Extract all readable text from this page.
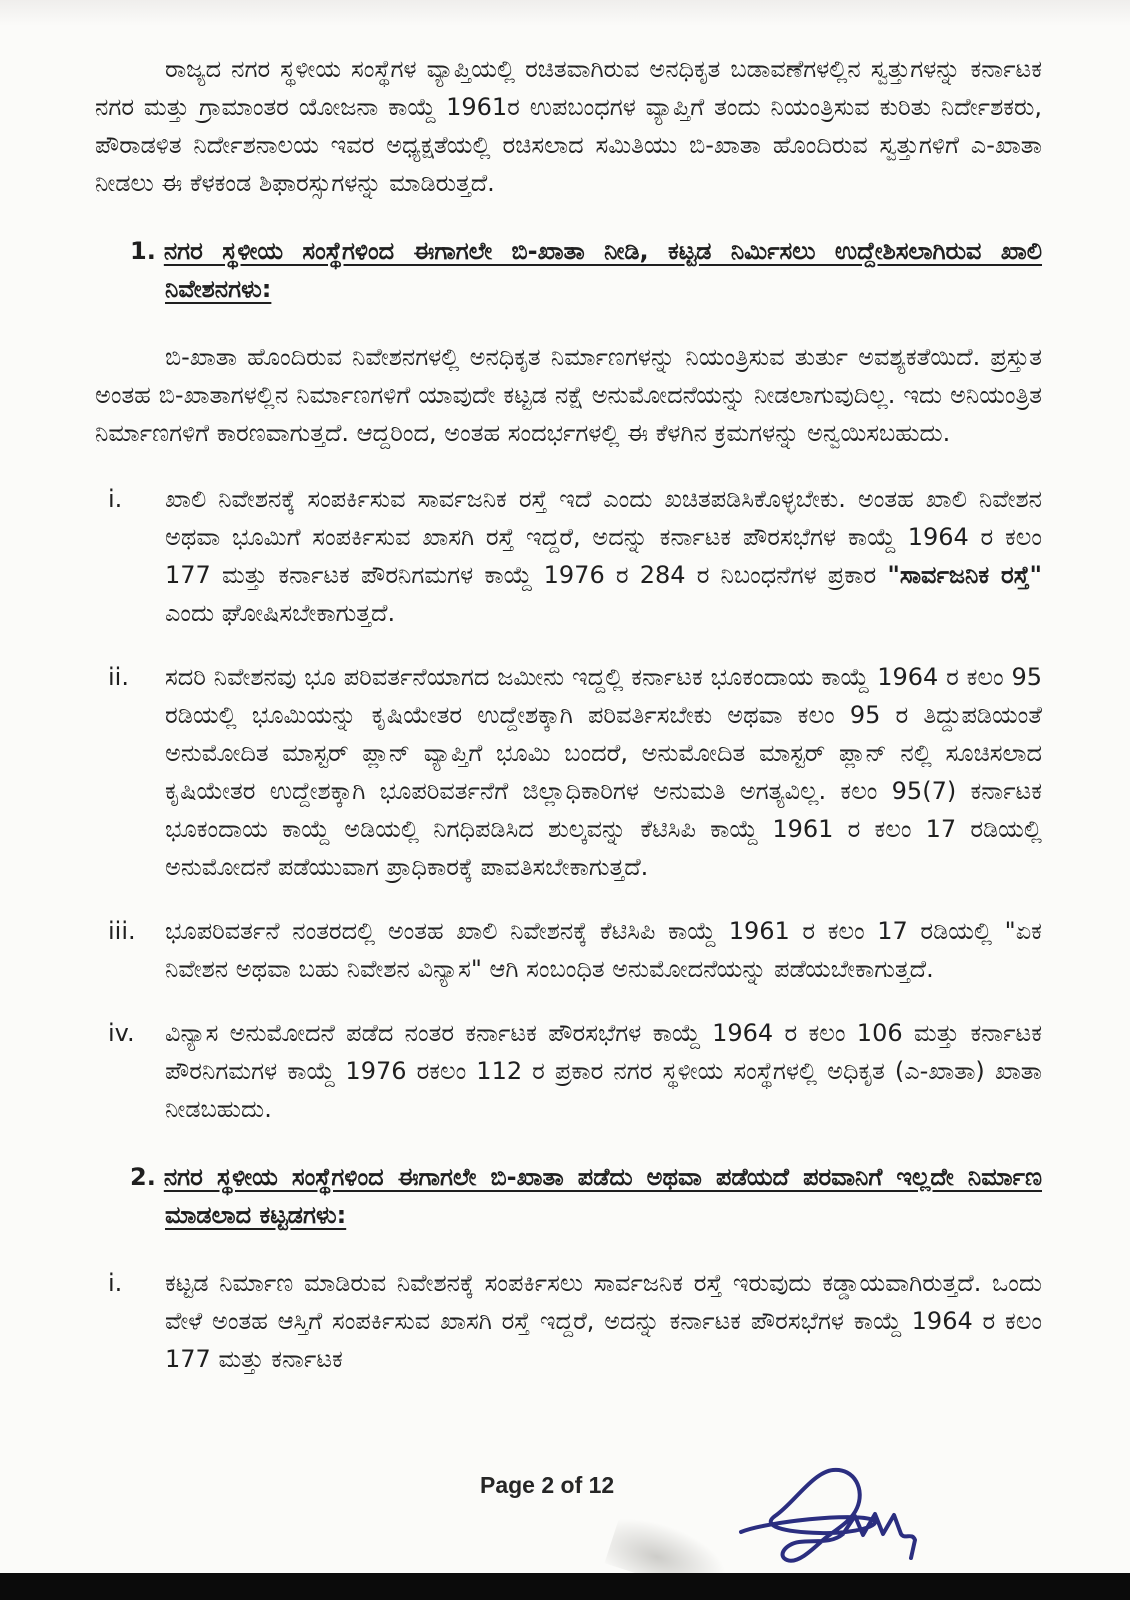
ರಾಜ್ಯದ ನಗರ ಸ್ಥಳೀಯ ಸಂಸ್ಥೆಗಳ ವ್ಯಾಪ್ತಿಯಲ್ಲಿ ರಚಿತವಾಗಿರುವ ಅನಧಿಕೃತ ಬಡಾವಣೆಗಳಲ್ಲಿನ ಸ್ವತ್ತುಗಳನ್ನು ಕರ್ನಾಟಕ ನಗರ ಮತ್ತು ಗ್ರಾಮಾಂತರ ಯೋಜನಾ ಕಾಯ್ದೆ 1961ರ ಉಪಬಂಧಗಳ ವ್ಯಾಪ್ತಿಗೆ ತಂದು ನಿಯಂತ್ರಿಸುವ ಕುರಿತು ನಿರ್ದೇಶಕರು, ಪೌರಾಡಳಿತ ನಿರ್ದೇಶನಾಲಯ ಇವರ ಅಧ್ಯಕ್ಷತೆಯಲ್ಲಿ ರಚಿಸಲಾದ ಸಮಿತಿಯು ಬಿ-ಖಾತಾ ಹೊಂದಿರುವ ಸ್ವತ್ತುಗಳಿಗೆ ಎ-ಖಾತಾ ನೀಡಲು ಈ ಕೆಳಕಂಡ ಶಿಫಾರಸ್ಸುಗಳನ್ನು ಮಾಡಿರುತ್ತದೆ.

1. ನಗರ ಸ್ಥಳೀಯ ಸಂಸ್ಥೆಗಳಿಂದ ಈಗಾಗಲೇ ಬಿ-ಖಾತಾ ನೀಡಿ, ಕಟ್ಟಡ ನಿರ್ಮಿಸಲು ಉದ್ದೇಶಿಸಲಾಗಿರುವ ಖಾಲಿ ನಿವೇಶನಗಳು:

ಬಿ-ಖಾತಾ ಹೊಂದಿರುವ ನಿವೇಶನಗಳಲ್ಲಿ ಅನಧಿಕೃತ ನಿರ್ಮಾಣಗಳನ್ನು ನಿಯಂತ್ರಿಸುವ ತುರ್ತು ಅವಶ್ಯಕತೆಯಿದೆ. ಪ್ರಸ್ತುತ ಅಂತಹ ಬಿ-ಖಾತಾಗಳಲ್ಲಿನ ನಿರ್ಮಾಣಗಳಿಗೆ ಯಾವುದೇ ಕಟ್ಟಡ ನಕ್ಷೆ ಅನುಮೋದನೆಯನ್ನು ನೀಡಲಾಗುವುದಿಲ್ಲ. ಇದು ಅನಿಯಂತ್ರಿತ ನಿರ್ಮಾಣಗಳಿಗೆ ಕಾರಣವಾಗುತ್ತದೆ. ಆದ್ದರಿಂದ, ಅಂತಹ ಸಂದರ್ಭಗಳಲ್ಲಿ ಈ ಕೆಳಗಿನ ಕ್ರಮಗಳನ್ನು ಅನ್ವಯಿಸಬಹುದು.

i.	ಖಾಲಿ ನಿವೇಶನಕ್ಕೆ ಸಂಪರ್ಕಿಸುವ ಸಾರ್ವಜನಿಕ ರಸ್ತೆ ಇದೆ ಎಂದು ಖಚಿತಪಡಿಸಿಕೊಳ್ಳಬೇಕು. ಅಂತಹ ಖಾಲಿ ನಿವೇಶನ ಅಥವಾ ಭೂಮಿಗೆ ಸಂಪರ್ಕಿಸುವ ಖಾಸಗಿ ರಸ್ತೆ ಇದ್ದರೆ, ಅದನ್ನು ಕರ್ನಾಟಕ ಪೌರಸಭೆಗಳ ಕಾಯ್ದೆ 1964 ರ ಕಲಂ 177 ಮತ್ತು ಕರ್ನಾಟಕ ಪೌರನಿಗಮಗಳ ಕಾಯ್ದೆ 1976 ರ 284 ರ ನಿಬಂಧನೆಗಳ ಪ್ರಕಾರ "ಸಾರ್ವಜನಿಕ ರಸ್ತೆ" ಎಂದು ಘೋಷಿಸಬೇಕಾಗುತ್ತದೆ.
ii.	ಸದರಿ ನಿವೇಶನವು ಭೂ ಪರಿವರ್ತನೆಯಾಗದ ಜಮೀನು ಇದ್ದಲ್ಲಿ ಕರ್ನಾಟಕ ಭೂಕಂದಾಯ ಕಾಯ್ದೆ 1964 ರ ಕಲಂ 95 ರಡಿಯಲ್ಲಿ ಭೂಮಿಯನ್ನು ಕೃಷಿಯೇತರ ಉದ್ದೇಶಕ್ಕಾಗಿ ಪರಿವರ್ತಿಸಬೇಕು ಅಥವಾ ಕಲಂ 95 ರ ತಿದ್ದುಪಡಿಯಂತೆ ಅನುಮೋದಿತ ಮಾಸ್ಟರ್ ಪ್ಲಾನ್ ವ್ಯಾಪ್ತಿಗೆ ಭೂಮಿ ಬಂದರೆ, ಅನುಮೋದಿತ ಮಾಸ್ಟರ್ ಪ್ಲಾನ್ ನಲ್ಲಿ ಸೂಚಿಸಲಾದ ಕೃಷಿಯೇತರ ಉದ್ದೇಶಕ್ಕಾಗಿ ಭೂಪರಿವರ್ತನೆಗೆ ಜಿಲ್ಲಾಧಿಕಾರಿಗಳ ಅನುಮತಿ ಅಗತ್ಯವಿಲ್ಲ. ಕಲಂ 95(7) ಕರ್ನಾಟಕ ಭೂಕಂದಾಯ ಕಾಯ್ದೆ ಅಡಿಯಲ್ಲಿ ನಿಗಧಿಪಡಿಸಿದ ಶುಲ್ಕವನ್ನು ಕೆಟಿಸಿಪಿ ಕಾಯ್ದೆ 1961 ರ ಕಲಂ 17 ರಡಿಯಲ್ಲಿ ಅನುಮೋದನೆ ಪಡೆಯುವಾಗ ಪ್ರಾಧಿಕಾರಕ್ಕೆ ಪಾವತಿಸಬೇಕಾಗುತ್ತದೆ.
iii.	ಭೂಪರಿವರ್ತನೆ ನಂತರದಲ್ಲಿ ಅಂತಹ ಖಾಲಿ ನಿವೇಶನಕ್ಕೆ ಕೆಟಿಸಿಪಿ ಕಾಯ್ದೆ 1961 ರ ಕಲಂ 17 ರಡಿಯಲ್ಲಿ "ಏಕ ನಿವೇಶನ ಅಥವಾ ಬಹು ನಿವೇಶನ ವಿನ್ಯಾಸ" ಆಗಿ ಸಂಬಂಧಿತ ಅನುಮೋದನೆಯನ್ನು ಪಡೆಯಬೇಕಾಗುತ್ತದೆ.
iv.	ವಿನ್ಯಾಸ ಅನುಮೋದನೆ ಪಡೆದ ನಂತರ ಕರ್ನಾಟಕ ಪೌರಸಭೆಗಳ ಕಾಯ್ದೆ 1964 ರ ಕಲಂ 106 ಮತ್ತು ಕರ್ನಾಟಕ ಪೌರನಿಗಮಗಳ ಕಾಯ್ದೆ 1976 ರಕಲಂ 112 ರ ಪ್ರಕಾರ ನಗರ ಸ್ಥಳೀಯ ಸಂಸ್ಥೆಗಳಲ್ಲಿ ಅಧಿಕೃತ (ಎ-ಖಾತಾ) ಖಾತಾ ನೀಡಬಹುದು.
2. ನಗರ ಸ್ಥಳೀಯ ಸಂಸ್ಥೆಗಳಿಂದ ಈಗಾಗಲೇ ಬಿ-ಖಾತಾ ಪಡೆದು ಅಥವಾ ಪಡೆಯದೆ ಪರವಾನಿಗೆ ಇಲ್ಲದೇ ನಿರ್ಮಾಣ ಮಾಡಲಾದ ಕಟ್ಟಡಗಳು:
i.	ಕಟ್ಟಡ ನಿರ್ಮಾಣ ಮಾಡಿರುವ ನಿವೇಶನಕ್ಕೆ ಸಂಪರ್ಕಿಸಲು ಸಾರ್ವಜನಿಕ ರಸ್ತೆ ಇರುವುದು ಕಡ್ಡಾಯವಾಗಿರುತ್ತದೆ. ಒಂದು ವೇಳೆ ಅಂತಹ ಆಸ್ತಿಗೆ ಸಂಪರ್ಕಿಸುವ ಖಾಸಗಿ ರಸ್ತೆ ಇದ್ದರೆ, ಅದನ್ನು ಕರ್ನಾಟಕ ಪೌರಸಭೆಗಳ ಕಾಯ್ದೆ 1964 ರ ಕಲಂ 177 ಮತ್ತು ಕರ್ನಾಟಕ
Page 2 of 12
